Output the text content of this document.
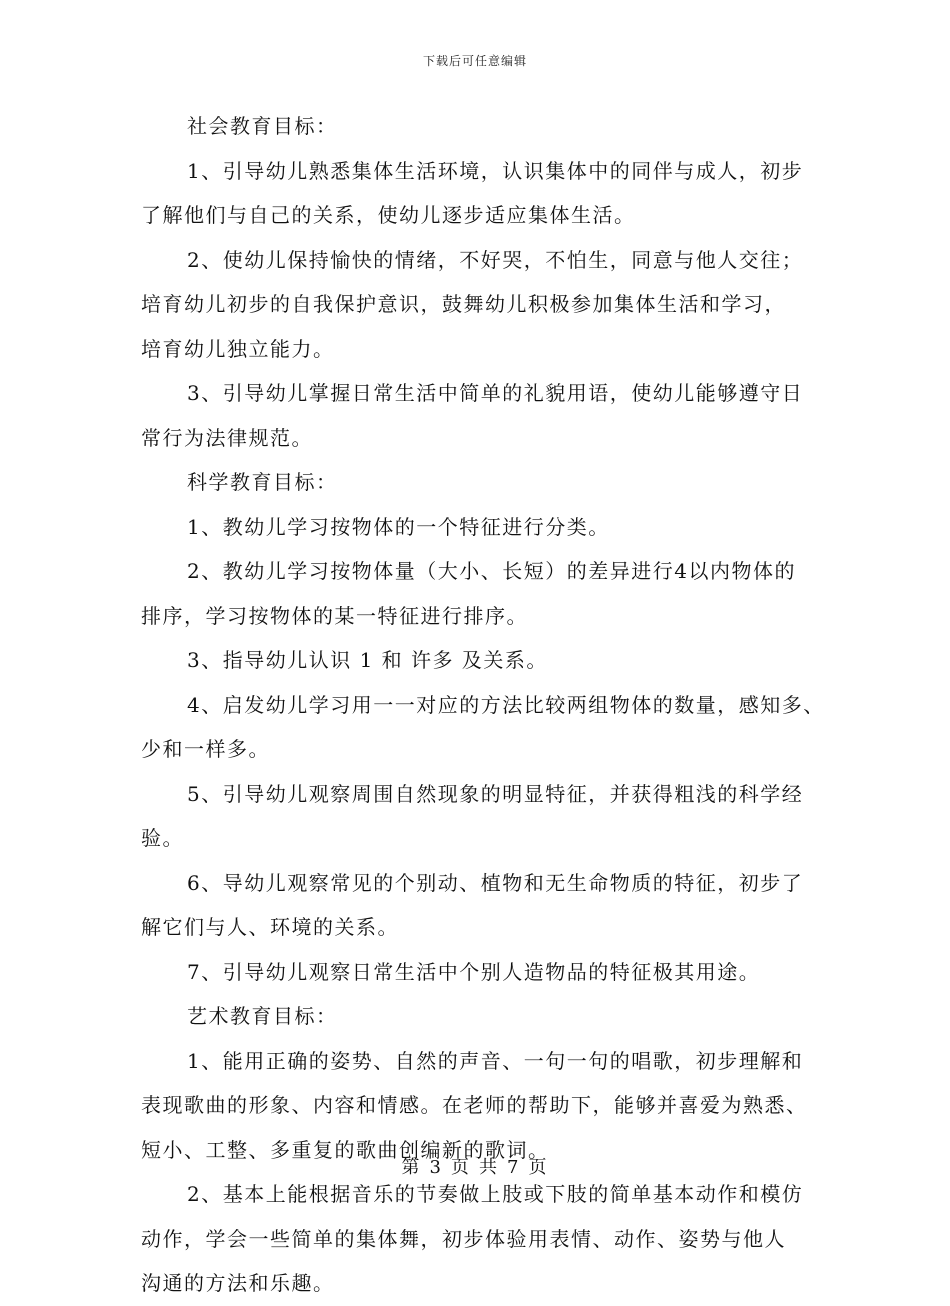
下载后可任意编辑

社会教育目标：

1、引导幼儿熟悉集体生活环境，认识集体中的同伴与成人，初步

了解他们与自己的关系，使幼儿逐步适应集体生活。

2、使幼儿保持愉快的情绪，不好哭，不怕生，同意与他人交往；

培育幼儿初步的自我保护意识，鼓舞幼儿积极参加集体生活和学习，

培育幼儿独立能力。

3、引导幼儿掌握日常生活中简单的礼貌用语，使幼儿能够遵守日

常行为法律规范。

科学教育目标：

1、教幼儿学习按物体的一个特征进行分类。

2、教幼儿学习按物体量（大小、长短）的差异进行4以内物体的

排序，学习按物体的某一特征进行排序。

3、指导幼儿认识 1 和 许多 及关系。

4、启发幼儿学习用一一对应的方法比较两组物体的数量，感知多、

少和一样多。

5、引导幼儿观察周围自然现象的明显特征，并获得粗浅的科学经

验。

6、导幼儿观察常见的个别动、植物和无生命物质的特征，初步了

解它们与人、环境的关系。

7、引导幼儿观察日常生活中个别人造物品的特征极其用途。

艺术教育目标：

1、能用正确的姿势、自然的声音、一句一句的唱歌，初步理解和

表现歌曲的形象、内容和情感。在老师的帮助下，能够并喜爱为熟悉、

短小、工整、多重复的歌曲创编新的歌词。

2、基本上能根据音乐的节奏做上肢或下肢的简单基本动作和模仿

动作，学会一些简单的集体舞，初步体验用表情、动作、姿势与他人

沟通的方法和乐趣。

第 3 页 共 7 页
